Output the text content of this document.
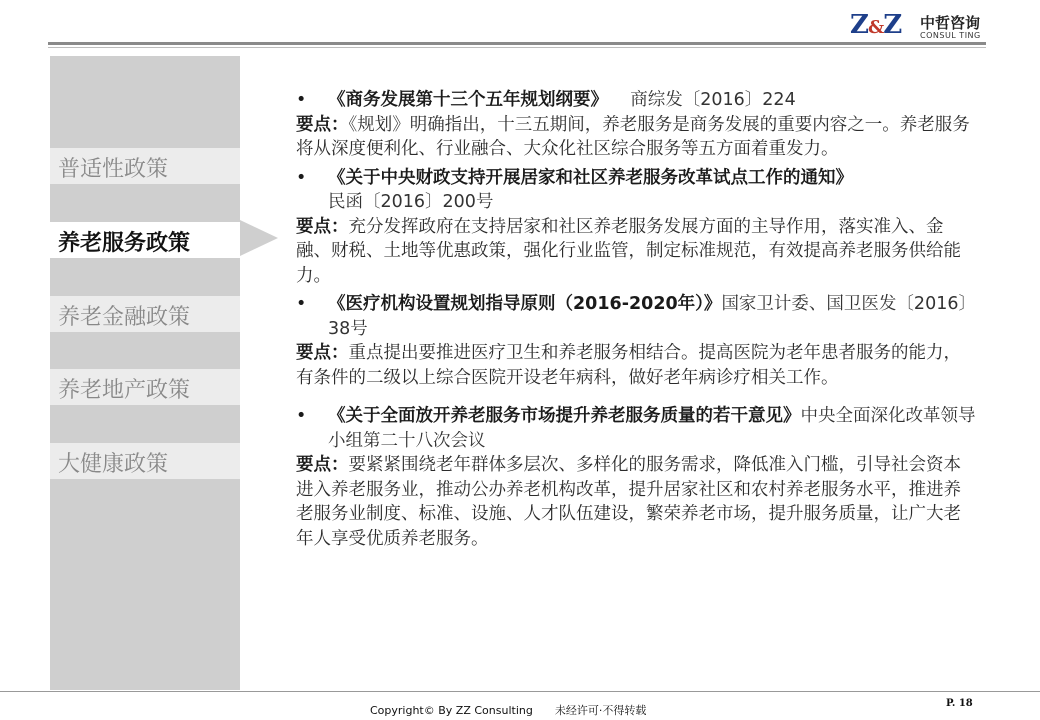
Z&Z 中哲咨询
CONSUL TING
普适性政策
养老服务政策
养老金融政策
养老地产政策
大健康政策
•	《商务发展第十三个五年规划纲要》 商综发〔2016〕224
要点：《规划》明确指出，十三五期间，养老服务是商务发展的重要内容之一。养老服务将从深度便利化、行业融合、大众化社区综合服务等五方面着重发力。
•	《关于中央财政支持开展居家和社区养老服务改革试点工作的通知》
民函〔2016〕200号
要点：充分发挥政府在支持居家和社区养老服务发展方面的主导作用，落实准入、金融、财税、土地等优惠政策，强化行业监管，制定标准规范，有效提高养老服务供给能力。
•	《医疗机构设置规划指导原则（2016-2020年）》国家卫计委、国卫医发〔2016〕38号
要点：重点提出要推进医疗卫生和养老服务相结合。提高医院为老年患者服务的能力，有条件的二级以上综合医院开设老年病科，做好老年病诊疗相关工作。
•	《关于全面放开养老服务市场提升养老服务质量的若干意见》中央全面深化改革领导小组第二十八次会议
要点：要紧紧围绕老年群体多层次、多样化的服务需求，降低准入门槛，引导社会资本进入养老服务业，推动公办养老机构改革，提升居家社区和农村养老服务水平，推进养老服务业制度、标准、设施、人才队伍建设，繁荣养老市场，提升服务质量，让广大老年人享受优质养老服务。
Copyright© By ZZ Consulting 未经许可·不得转载
P. 18
